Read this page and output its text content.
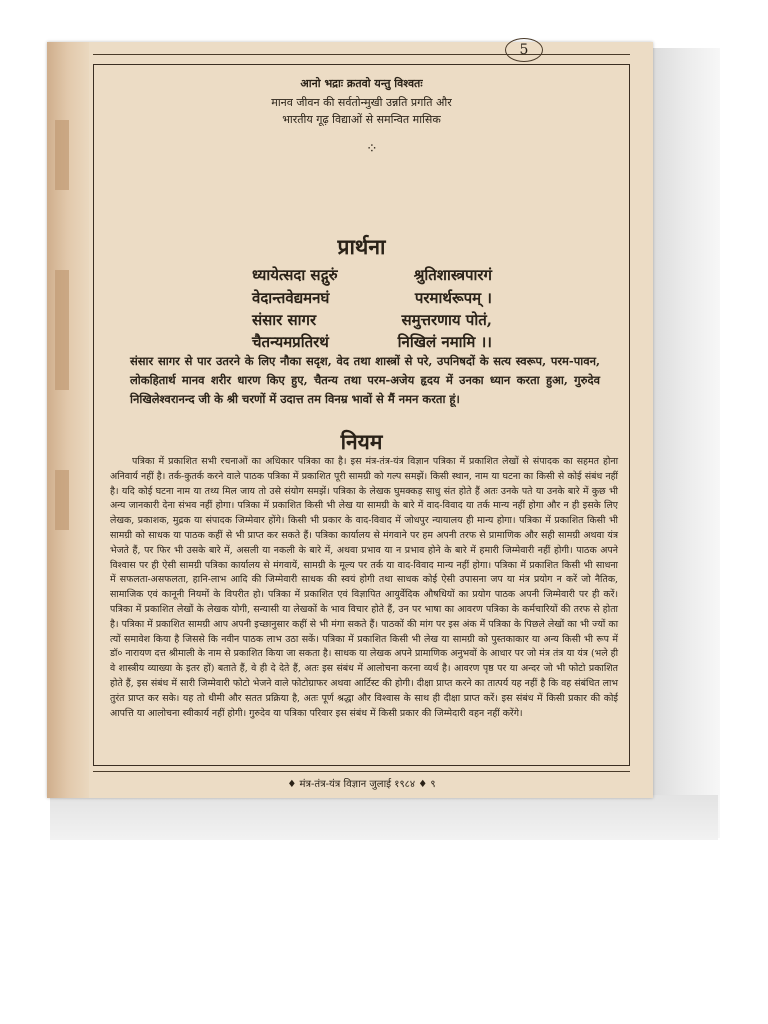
5
आनो भद्राः क्रतवो यन्तु विश्वतः
मानव जीवन की सर्वतोन्मुखी उन्नति प्रगति और
भारतीय गूढ़ विद्याओं से समन्वित मासिक
⁘
प्रार्थना
ध्यायेत्सदा सद्गुरुं	श्रुतिशास्त्रपारगं
वेदान्तवेद्यमनघं	परमार्थरूपम् ।
संसार सागर	समुत्तरणाय पोतं,
चैतन्यमप्रतिरथं	निखिलं नमामि ।।
संसार सागर से पार उतरने के लिए नौका सदृश, वेद तथा शास्त्रों से परे, उपनिषदों के सत्य स्वरूप, परम-पावन, लोकहितार्थ मानव शरीर धारण किए हुए, चैतन्य तथा परम-अजेय हृदय में उनका ध्यान करता हुआ, गुरुदेव निखिलेश्वरानन्द जी के श्री चरणों में उदात्त तम विनम्र भावों से मैं नमन करता हूं।
नियम
पत्रिका में प्रकाशित सभी रचनाओं का अधिकार पत्रिका का है। इस मंत्र-तंत्र-यंत्र विज्ञान पत्रिका में प्रकाशित लेखों से संपादक का सहमत होना अनिवार्य नहीं है। तर्क-कुतर्क करने वाले पाठक पत्रिका में प्रकाशित पूरी सामग्री को गल्प समझें। किसी स्थान, नाम या घटना का किसी से कोई संबंध नहीं है। यदि कोई घटना नाम या तथ्य मिल जाय तो उसे संयोग समझें। पत्रिका के लेखक घुमक्कड़ साधु संत होते हैं अतः उनके पते या उनके बारे में कुछ भी अन्य जानकारी देना संभव नहीं होगा। पत्रिका में प्रकाशित किसी भी लेख या सामग्री के बारे में वाद-विवाद या तर्क मान्य नहीं होगा और न ही इसके लिए लेखक, प्रकाशक, मुद्रक या संपादक जिम्मेवार होंगे। किसी भी प्रकार के वाद-विवाद में जोधपुर न्यायालय ही मान्य होगा। पत्रिका में प्रकाशित किसी भी सामग्री को साधक या पाठक कहीं से भी प्राप्त कर सकते हैं। पत्रिका कार्यालय से मंगवाने पर हम अपनी तरफ से प्रामाणिक और सही सामग्री अथवा यंत्र भेजते हैं, पर फिर भी उसके बारे में, असली या नकली के बारे में, अथवा प्रभाव या न प्रभाव होने के बारे में हमारी जिम्मेवारी नहीं होगी। पाठक अपने विश्वास पर ही ऐसी सामग्री पत्रिका कार्यालय से मंगवायें, सामग्री के मूल्य पर तर्क या वाद-विवाद मान्य नहीं होगा। पत्रिका में प्रकाशित किसी भी साधना में सफलता-असफलता, हानि-लाभ आदि की जिम्मेवारी साधक की स्वयं होगी तथा साधक कोई ऐसी उपासना जप या मंत्र प्रयोग न करें जो नैतिक, सामाजिक एवं कानूनी नियमों के विपरीत हो। पत्रिका में प्रकाशित एवं विज्ञापित आयुर्वेदिक औषधियों का प्रयोग पाठक अपनी जिम्मेवारी पर ही करें। पत्रिका में प्रकाशित लेखों के लेखक योगी, सन्यासी या लेखकों के भाव विचार होते हैं, उन पर भाषा का आवरण पत्रिका के कर्मचारियों की तरफ से होता है। पत्रिका में प्रकाशित सामग्री आप अपनी इच्छानुसार कहीं से भी मंगा सकते हैं। पाठकों की मांग पर इस अंक में पत्रिका के पिछले लेखों का भी ज्यों का त्यों समावेश किया है जिससे कि नवीन पाठक लाभ उठा सकें। पत्रिका में प्रकाशित किसी भी लेख या सामग्री को पुस्तकाकार या अन्य किसी भी रूप में डॉ० नारायण दत्त श्रीमाली के नाम से प्रकाशित किया जा सकता है। साधक या लेखक अपने प्रामाणिक अनुभवों के आधार पर जो मंत्र तंत्र या यंत्र (भले ही वे शास्त्रीय व्याख्या के इतर हों) बताते हैं, वे ही दे देते हैं, अतः इस संबंध में आलोचना करना व्यर्थ है। आवरण पृष्ठ पर या अन्दर जो भी फोटो प्रकाशित होते हैं, इस संबंध में सारी जिम्मेवारी फोटो भेजने वाले फोटोग्राफर अथवा आर्टिस्ट की होगी। दीक्षा प्राप्त करने का तात्पर्य यह नहीं है कि वह संबंधित लाभ तुरंत प्राप्त कर सके। यह तो धीमी और सतत प्रक्रिया है, अतः पूर्ण श्रद्धा और विश्वास के साथ ही दीक्षा प्राप्त करें। इस संबंध में किसी प्रकार की कोई आपत्ति या आलोचना स्वीकार्य नहीं होगी। गुरुदेव या पत्रिका परिवार इस संबंध में किसी प्रकार की जिम्मेदारी वहन नहीं करेंगे।
♦ मंत्र-तंत्र-यंत्र विज्ञान जुलाई १९८४ ♦ ९
